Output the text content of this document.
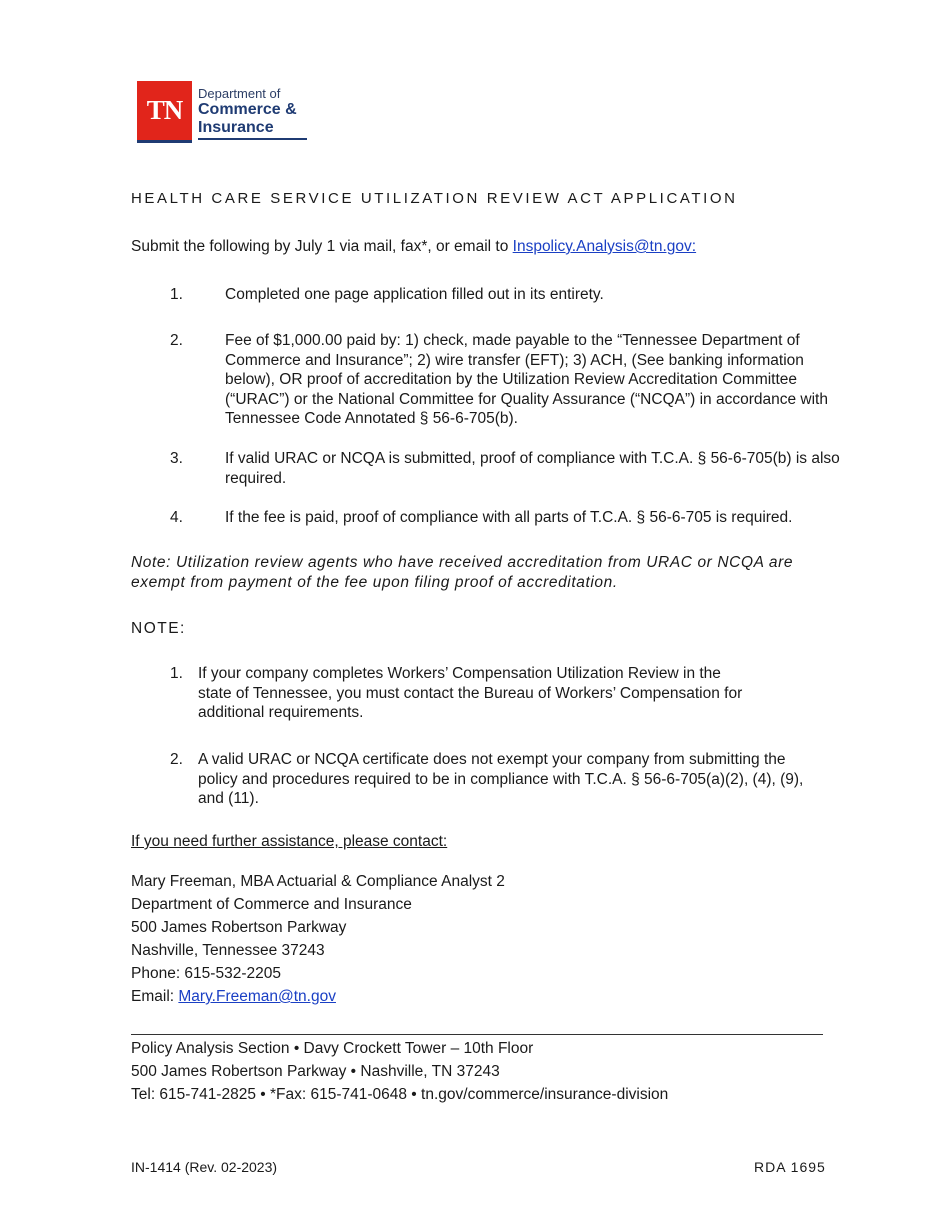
TN
Department of
Commerce &
Insurance
HEALTH CARE SERVICE UTILIZATION REVIEW ACT APPLICATION
Submit the following by July 1 via mail, fax*, or email to Inspolicy.Analysis@tn.gov:
1.	Completed one page application filled out in its entirety.
2.	Fee of $1,000.00 paid by: 1) check, made payable to the “Tennessee Department of Commerce and Insurance”; 2) wire transfer (EFT); 3) ACH, (See banking information below), OR proof of accreditation by the Utilization Review Accreditation Committee (“URAC”) or the National Committee for Quality Assurance (“NCQA”) in accordance with Tennessee Code Annotated § 56-6-705(b).
3.	If valid URAC or NCQA is submitted, proof of compliance with T.C.A. § 56-6-705(b) is also required.
4.	If the fee is paid, proof of compliance with all parts of T.C.A. § 56-6-705 is required.
Note: Utilization review agents who have received accreditation from URAC or NCQA are exempt from payment of the fee upon filing proof of accreditation.
NOTE:
1. If your company completes Workers’ Compensation Utilization Review in the state of Tennessee, you must contact the Bureau of Workers’ Compensation for additional requirements.
2. A valid URAC or NCQA certificate does not exempt your company from submitting the policy and procedures required to be in compliance with T.C.A. § 56-6-705(a)(2), (4), (9), and (11).
If you need further assistance, please contact:
Mary Freeman, MBA Actuarial & Compliance Analyst 2
Department of Commerce and Insurance
500 James Robertson Parkway
Nashville, Tennessee 37243
Phone: 615-532-2205
Email: Mary.Freeman@tn.gov
Policy Analysis Section • Davy Crockett Tower – 10th Floor
500 James Robertson Parkway • Nashville, TN 37243
Tel: 615-741-2825 • *Fax: 615-741-0648 • tn.gov/commerce/insurance-division
IN-1414 (Rev. 02-2023)	RDA 1695
